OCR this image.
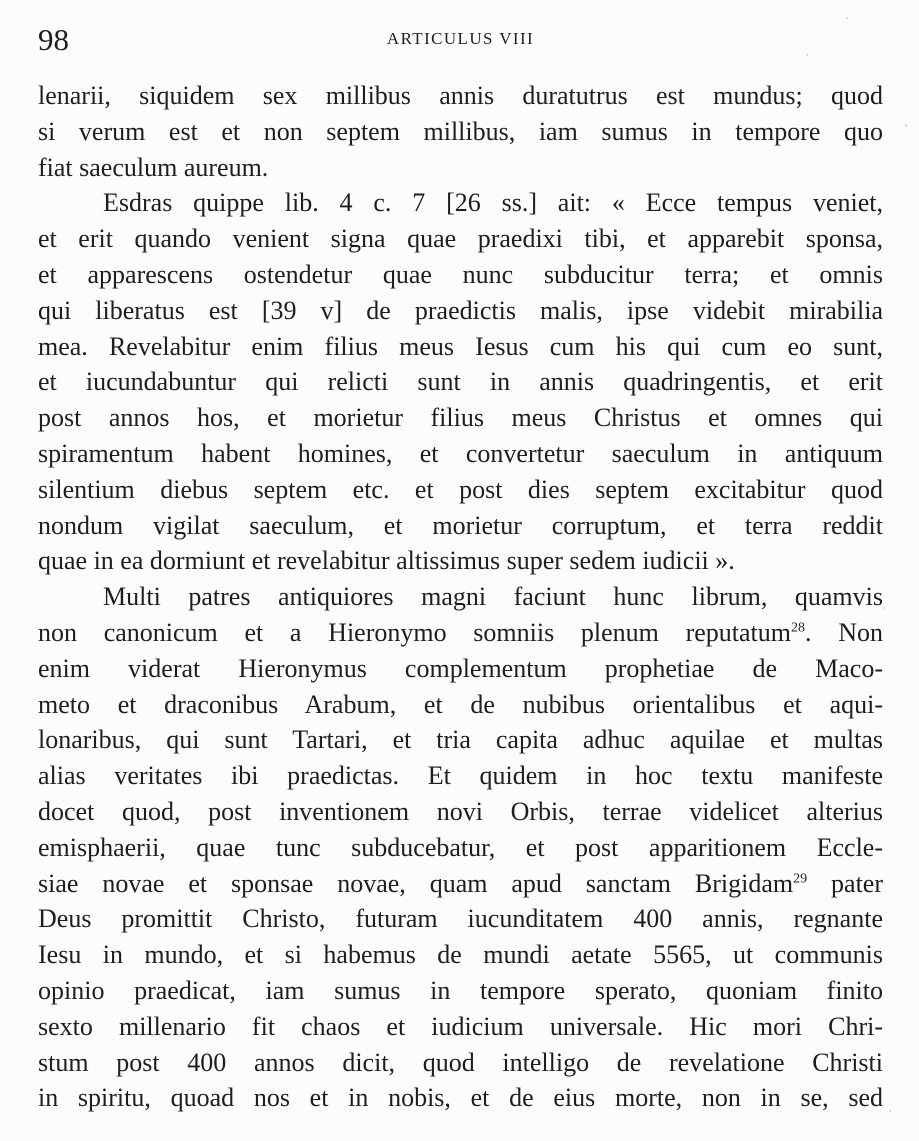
98	ARTICULUS VIII
lenarii, siquidem sex millibus annis duratutrus est mundus; quod
si verum est et non septem millibus, iam sumus in tempore quo
fiat saeculum aureum.
Esdras quippe lib. 4 c. 7 [26 ss.] ait: « Ecce tempus veniet,
et erit quando venient signa quae praedixi tibi, et apparebit sponsa,
et apparescens ostendetur quae nunc subducitur terra; et omnis
qui liberatus est [39 v] de praedictis malis, ipse videbit mirabilia
mea. Revelabitur enim filius meus Iesus cum his qui cum eo sunt,
et iucundabuntur qui relicti sunt in annis quadringentis, et erit
post annos hos, et morietur filius meus Christus et omnes qui
spiramentum habent homines, et convertetur saeculum in antiquum
silentium diebus septem etc. et post dies septem excitabitur quod
nondum vigilat saeculum, et morietur corruptum, et terra reddit
quae in ea dormiunt et revelabitur altissimus super sedem iudicii ».
Multi patres antiquiores magni faciunt hunc librum, quamvis
non canonicum et a Hieronymo somniis plenum reputatum$^{28}$. Non
enim viderat Hieronymus complementum prophetiae de Maco-
meto et draconibus Arabum, et de nubibus orientalibus et aqui-
lonaribus, qui sunt Tartari, et tria capita adhuc aquilae et multas
alias veritates ibi praedictas. Et quidem in hoc textu manifeste
docet quod, post inventionem novi Orbis, terrae videlicet alterius
emisphaerii, quae tunc subducebatur, et post apparitionem Eccle-
siae novae et sponsae novae, quam apud sanctam Brigidam$^{29}$ pater
Deus promittit Christo, futuram iucunditatem 400 annis, regnante
Iesu in mundo, et si habemus de mundi aetate 5565, ut communis
opinio praedicat, iam sumus in tempore sperato, quoniam finito
sexto millenario fit chaos et iudicium universale. Hic mori Chri-
stum post 400 annos dicit, quod intelligo de revelatione Christi
in spiritu, quoad nos et in nobis, et de eius morte, non in se, sed
